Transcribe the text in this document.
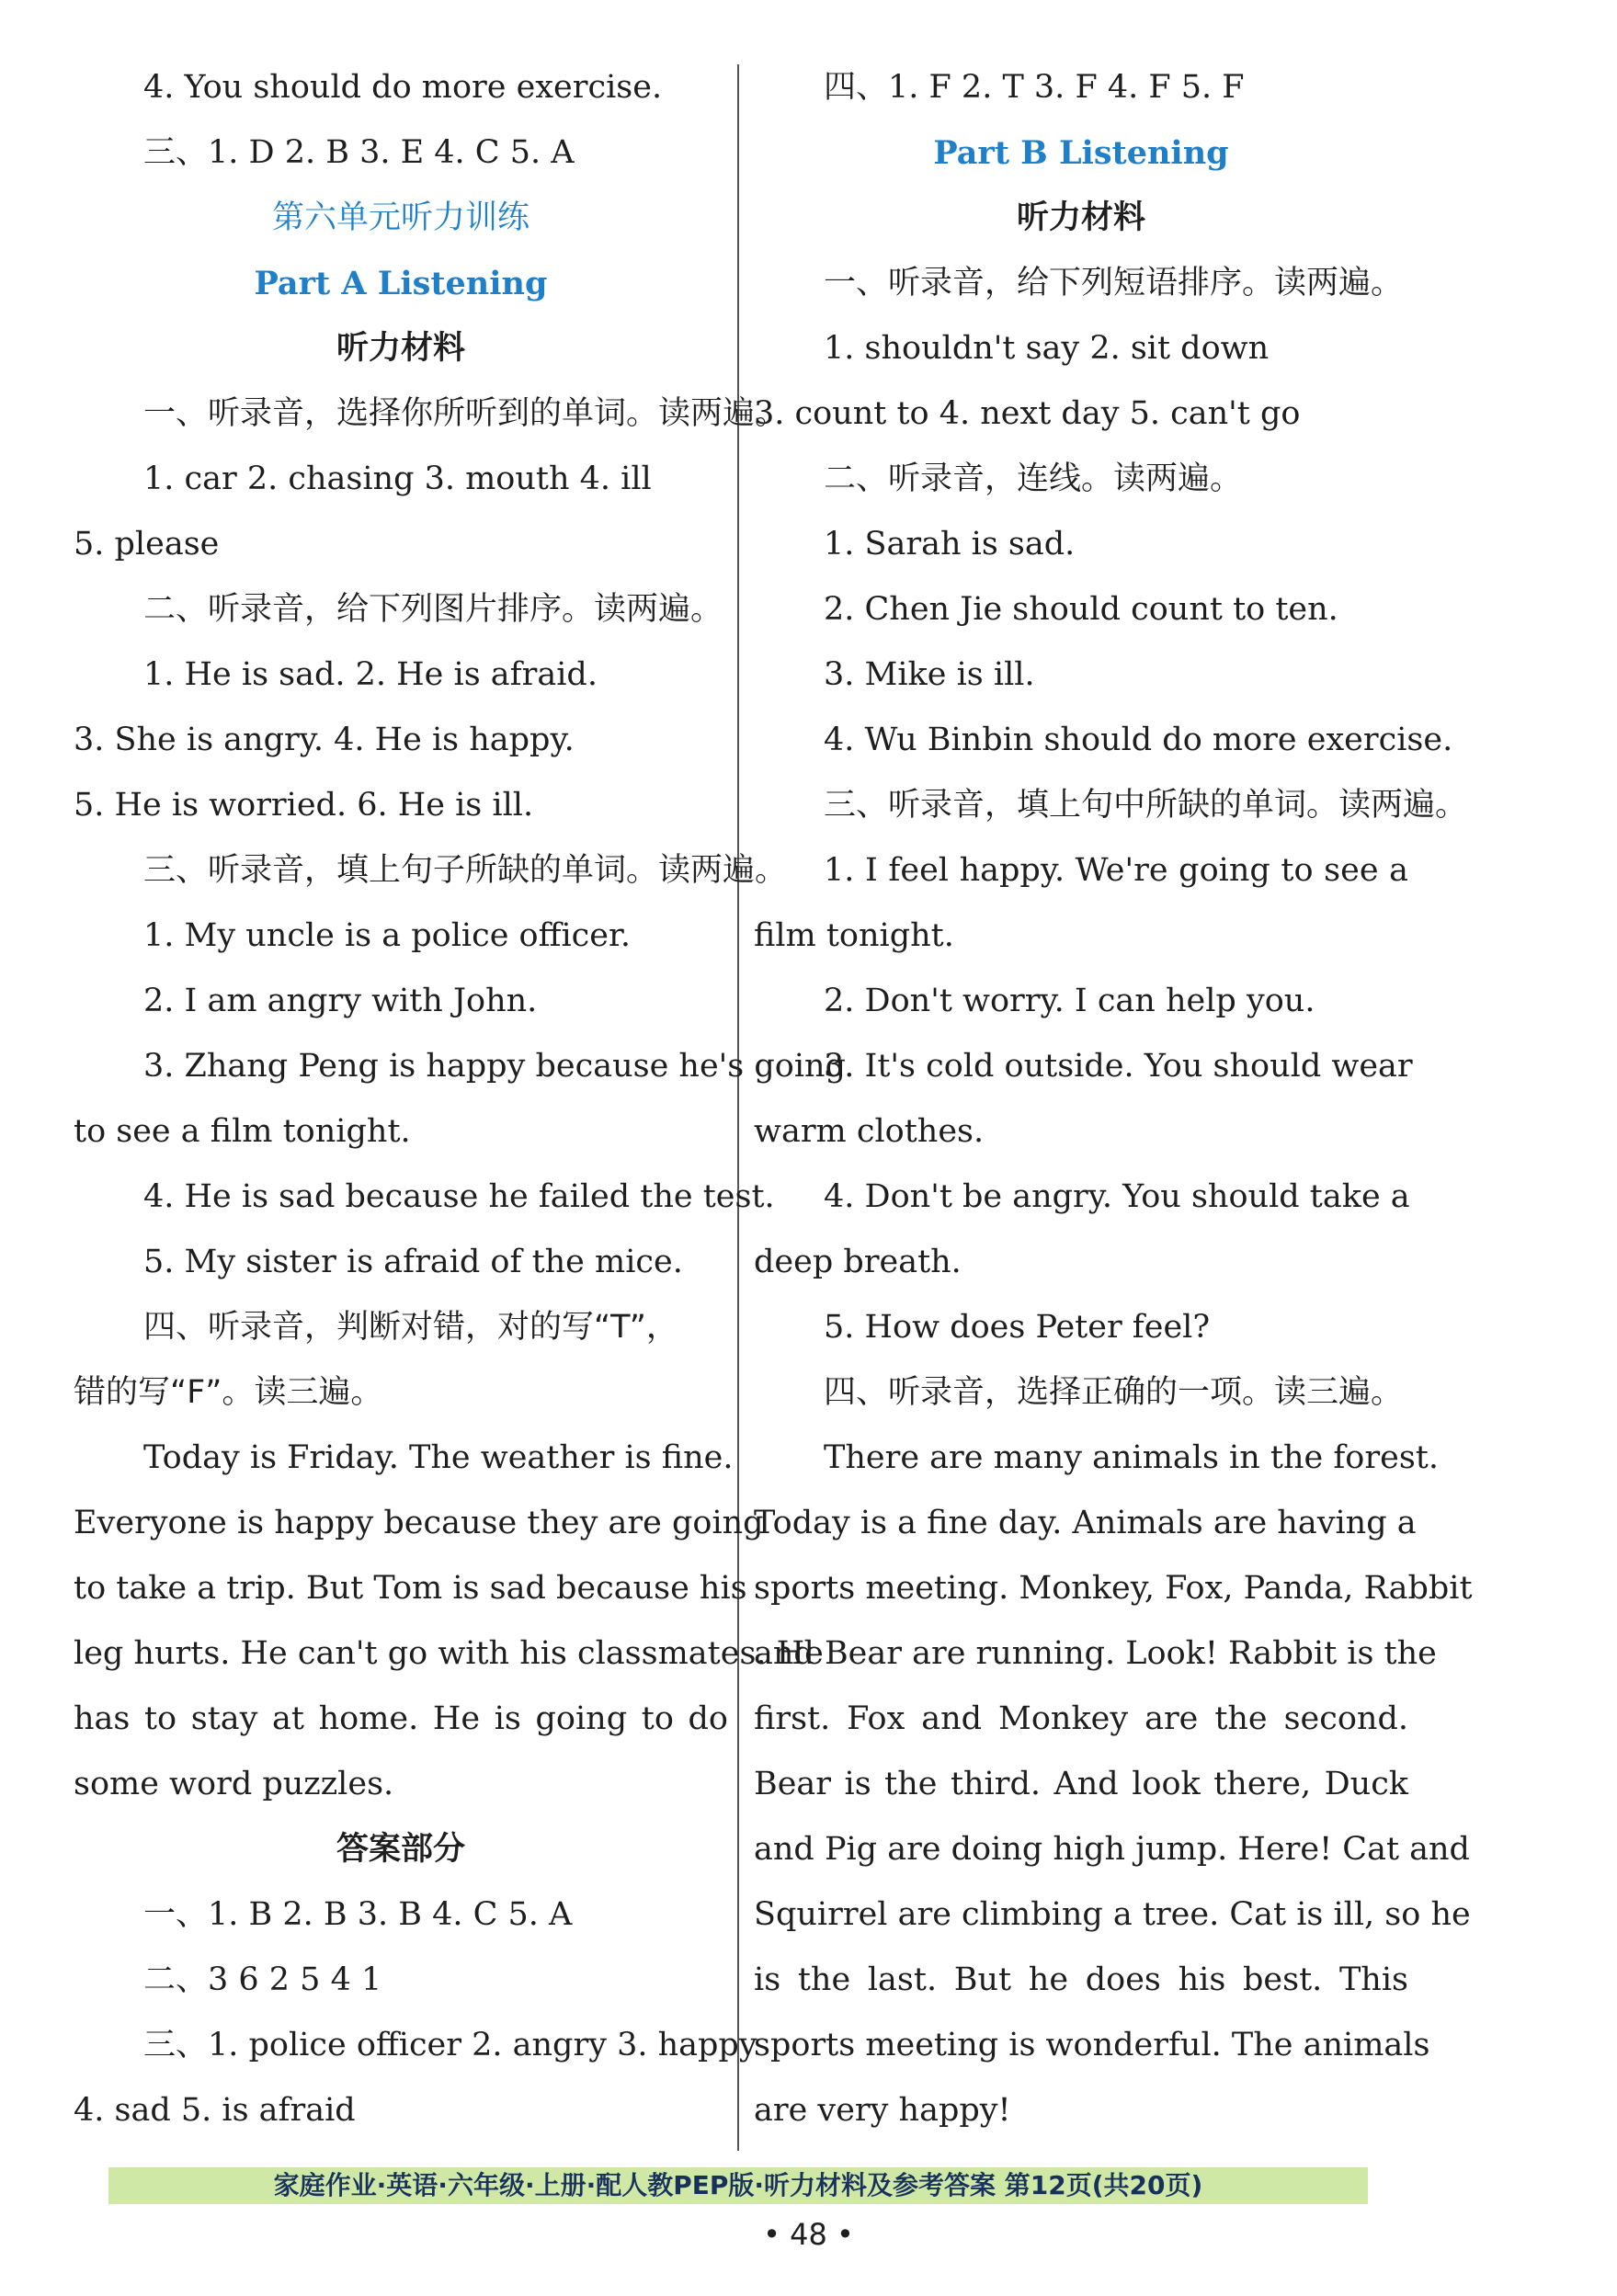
4. You should do more exercise.
三、1. D 2. B 3. E 4. C 5. A
第六单元听力训练
Part A Listening
听力材料
一、听录音，选择你所听到的单词。读两遍。
1. car 2. chasing 3. mouth 4. ill
5. please
二、听录音，给下列图片排序。读两遍。
1. He is sad. 2. He is afraid.
3. She is angry. 4. He is happy.
5. He is worried. 6. He is ill.
三、听录音，填上句子所缺的单词。读两遍。
1. My uncle is a police officer.
2. I am angry with John.
3. Zhang Peng is happy because he's going
to see a film tonight.
4. He is sad because he failed the test.
5. My sister is afraid of the mice.
四、听录音，判断对错，对的写“T”，
错的写“F”。读三遍。
Today is Friday. The weather is fine.
Everyone is happy because they are going
to take a trip. But Tom is sad because his
leg hurts. He can't go with his classmates. He
has to stay at home. He is going to do
some word puzzles.
答案部分
一、1. B 2. B 3. B 4. C 5. A
二、3 6 2 5 4 1
三、1. police officer 2. angry 3. happy
4. sad 5. is afraid
四、1. F 2. T 3. F 4. F 5. F
Part B Listening
听力材料
一、听录音，给下列短语排序。读两遍。
1. shouldn't say 2. sit down
3. count to 4. next day 5. can't go
二、听录音，连线。读两遍。
1. Sarah is sad.
2. Chen Jie should count to ten.
3. Mike is ill.
4. Wu Binbin should do more exercise.
三、听录音，填上句中所缺的单词。读两遍。
1. I feel happy. We're going to see a
film tonight.
2. Don't worry. I can help you.
3. It's cold outside. You should wear
warm clothes.
4. Don't be angry. You should take a
deep breath.
5. How does Peter feel?
四、听录音，选择正确的一项。读三遍。
There are many animals in the forest.
Today is a fine day. Animals are having a
sports meeting. Monkey, Fox, Panda, Rabbit
and Bear are running. Look! Rabbit is the
first. Fox and Monkey are the second.
Bear is the third. And look there, Duck
and Pig are doing high jump. Here! Cat and
Squirrel are climbing a tree. Cat is ill, so he
is the last. But he does his best. This
sports meeting is wonderful. The animals
are very happy!
家庭作业·英语·六年级·上册·配人教PEP版·听力材料及参考答案 第12页(共20页)
• 48 •
